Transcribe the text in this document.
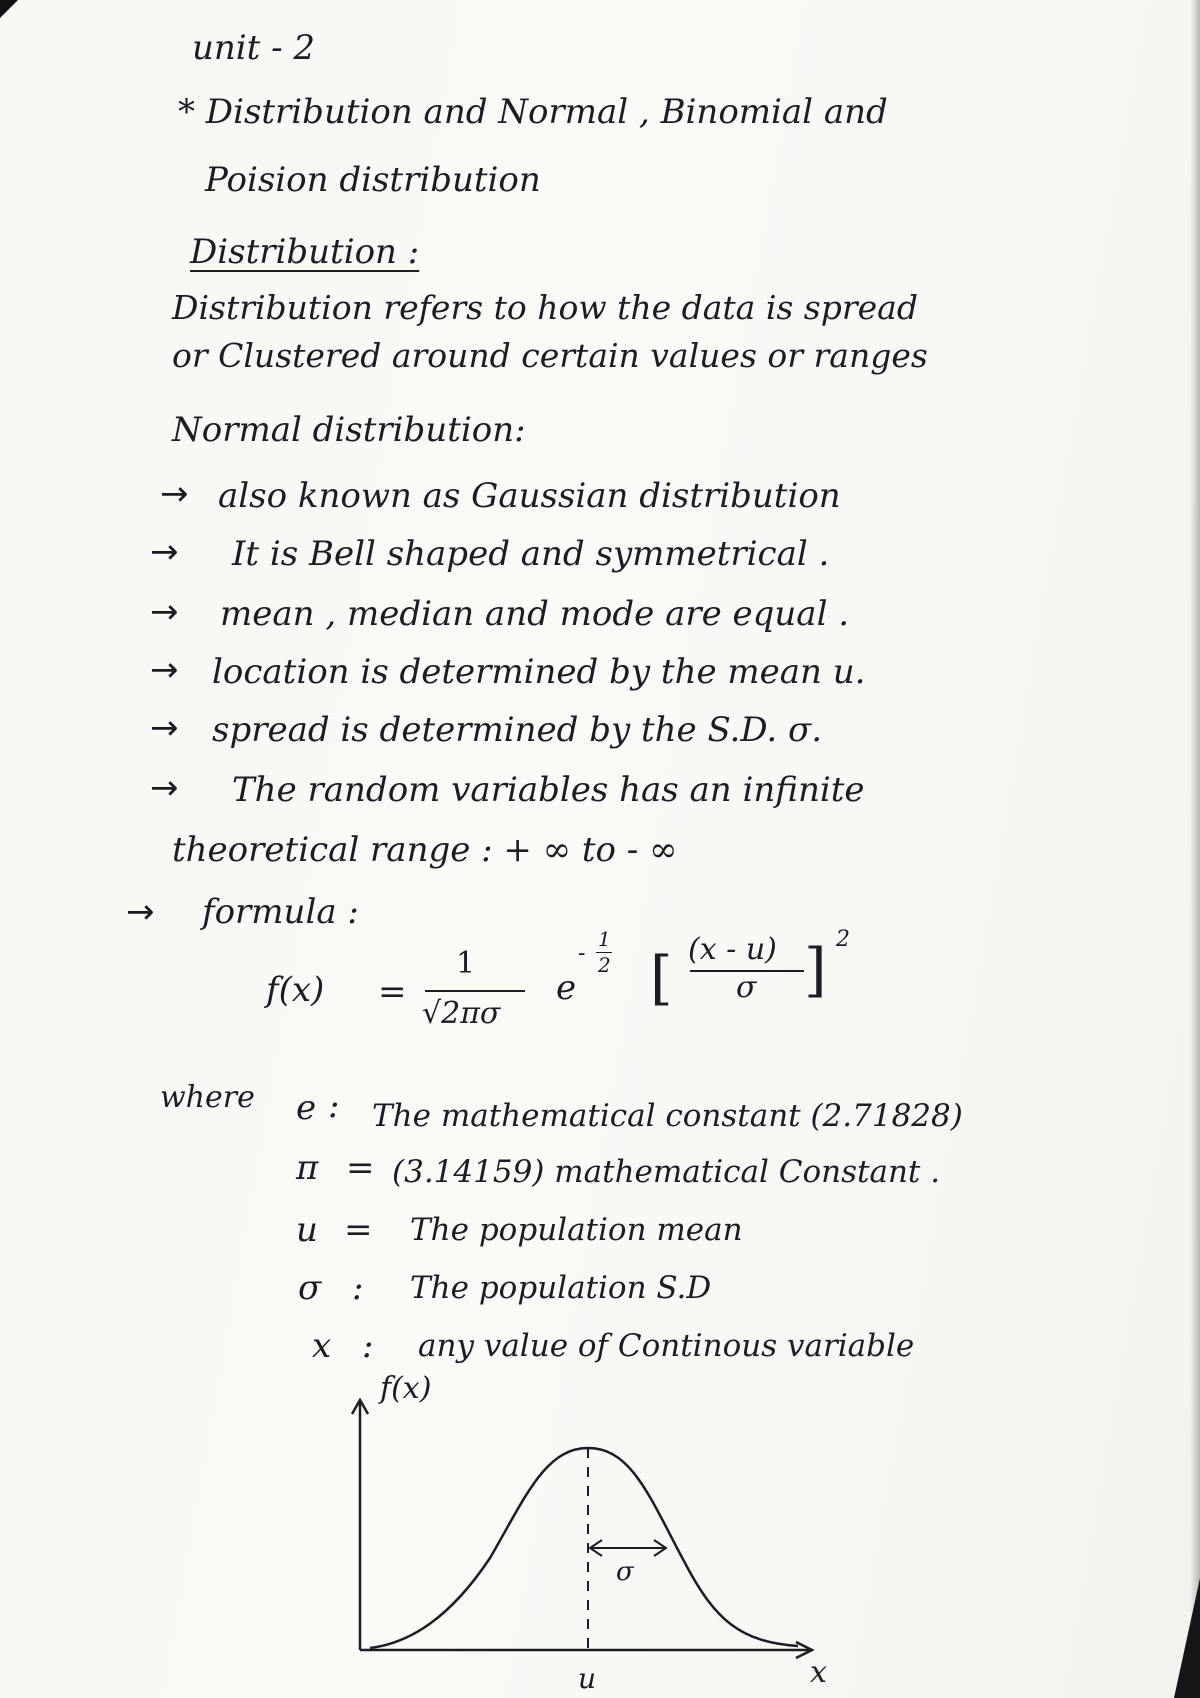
unit - 2
* Distribution and Normal , Binomial and
Poision distribution
Distribution :
Distribution refers to how the data is spread
or Clustered around certain values or ranges
Normal distribution:
→ also known as Gaussian distribution
→ It is Bell shaped and symmetrical .
→ mean , median and mode are equal .
→ location is determined by the mean u.
→ spread is determined by the S.D. σ.
→ The random variables has an infinite
theoretical range : + ∞ to - ∞
→ formula :
f(x) =
1
√2πσ
e
-
1
2 [ (x - u)
σ ] 2
where e : The mathematical constant (2.71828)
π = (3.14159) mathematical Constant .
u = The population mean
σ : The population S.D
x : any value of Continous variable
σ
f(x)
x
u
